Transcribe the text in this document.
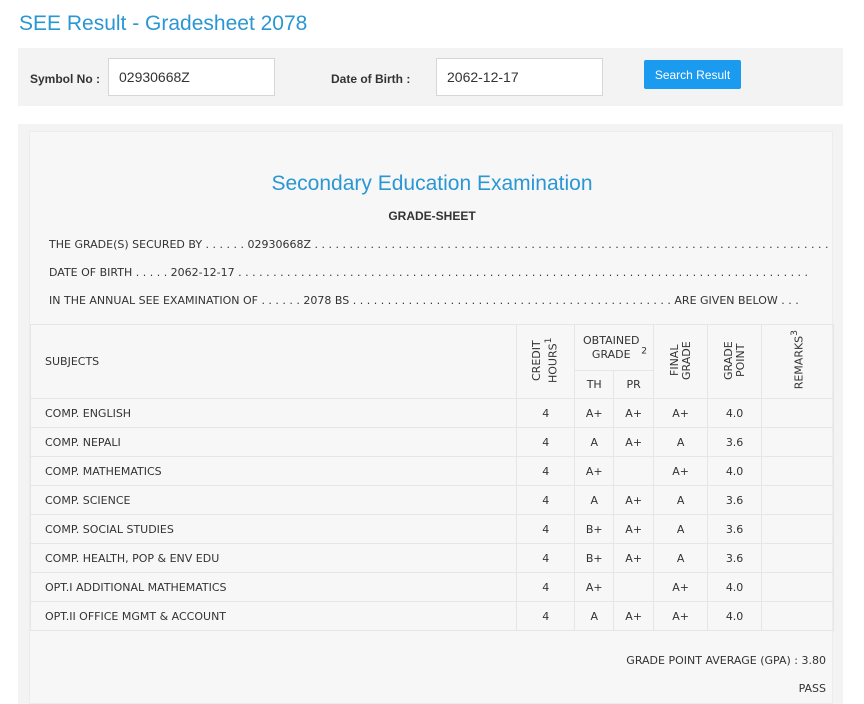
SEE Result - Gradesheet 2078
Symbol No :
02930668Z	Date of Birth :
2062-12-17	Search Result
Secondary Education Examination
GRADE-SHEET
THE GRADE(S) SECURED BY . . . . . . 02930668Z . . . . . . . . . . . . . . . . . . . . . . . . . . . . . . . . . . . . . . . . . . . . . . . . . . . . . . . . . . . . . . . . . . . . . . . . . .
DATE OF BIRTH . . . . . 2062-12-17 . . . . . . . . . . . . . . . . . . . . . . . . . . . . . . . . . . . . . . . . . . . . . . . . . . . . . . . . . . . . . . . . . . . . . . . . . . . . . . . . . .
IN THE ANNUAL SEE EXAMINATION OF . . . . . . 2078 BS . . . . . . . . . . . . . . . . . . . . . . . . . . . . . . . . . . . . . . . . . . . . . . ARE GIVEN BELOW . . .
SUBJECTS	CREDIT HOURS$^1$	OBTAINED GRADE $^2$		FINAL GRADE	GRADE POINT	REMARKS$^3$
		TH	PR			
COMP. ENGLISH	4	A+	A+	A+	4.0	
COMP. NEPALI	4	A	A+	A	3.6	
COMP. MATHEMATICS	4	A+		A+	4.0	
COMP. SCIENCE	4	A	A+	A	3.6	
COMP. SOCIAL STUDIES	4	B+	A+	A	3.6	
COMP. HEALTH, POP & ENV EDU	4	B+	A+	A	3.6	
OPT.I ADDITIONAL MATHEMATICS	4	A+		A+	4.0	
OPT.II OFFICE MGMT & ACCOUNT	4	A	A+	A+	4.0	
GRADE POINT AVERAGE (GPA) : 3.80
PASS
